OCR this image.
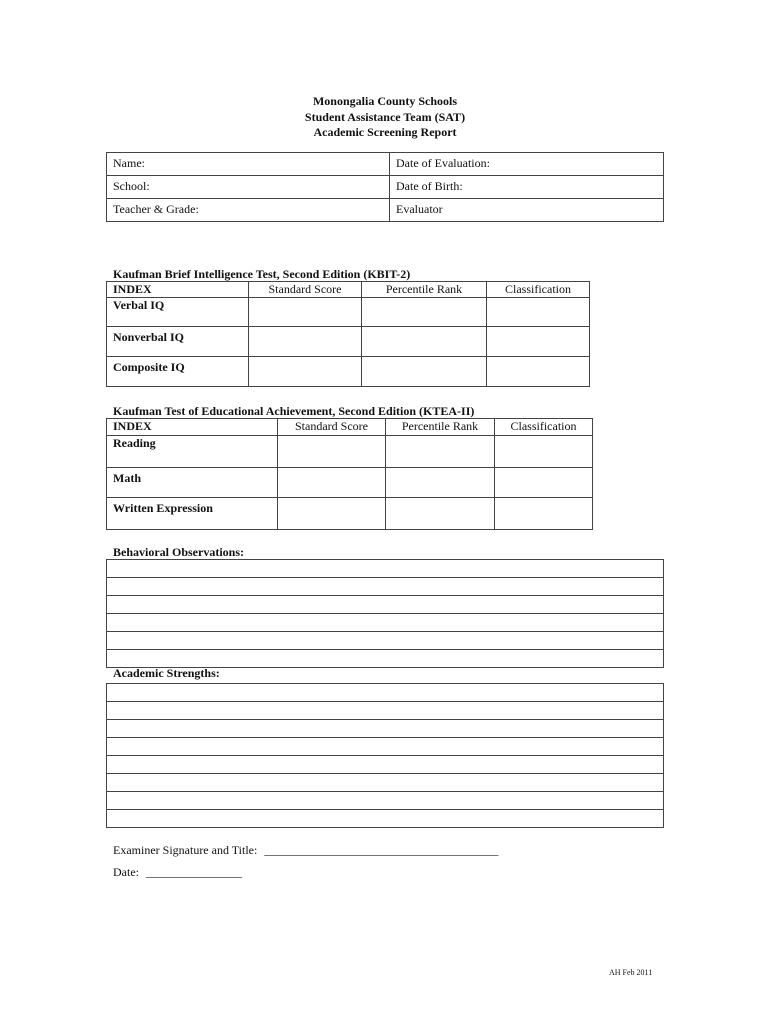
Monongalia County Schools
Student Assistance Team (SAT)
Academic Screening Report
Name:	Date of Evaluation:
School:	Date of Birth:
Teacher & Grade:	Evaluator
Kaufman Brief Intelligence Test, Second Edition (KBIT-2)
INDEX	Standard Score	Percentile Rank	Classification
Verbal IQ			
Nonverbal IQ			
Composite IQ			
Kaufman Test of Educational Achievement, Second Edition (KTEA-II)
INDEX	Standard Score	Percentile Rank	Classification
Reading			
Math			
Written Expression			
Behavioral Observations:

Academic Strengths:

Examiner Signature and Title: _______________________________________
Date: ________________
AH Feb 2011
